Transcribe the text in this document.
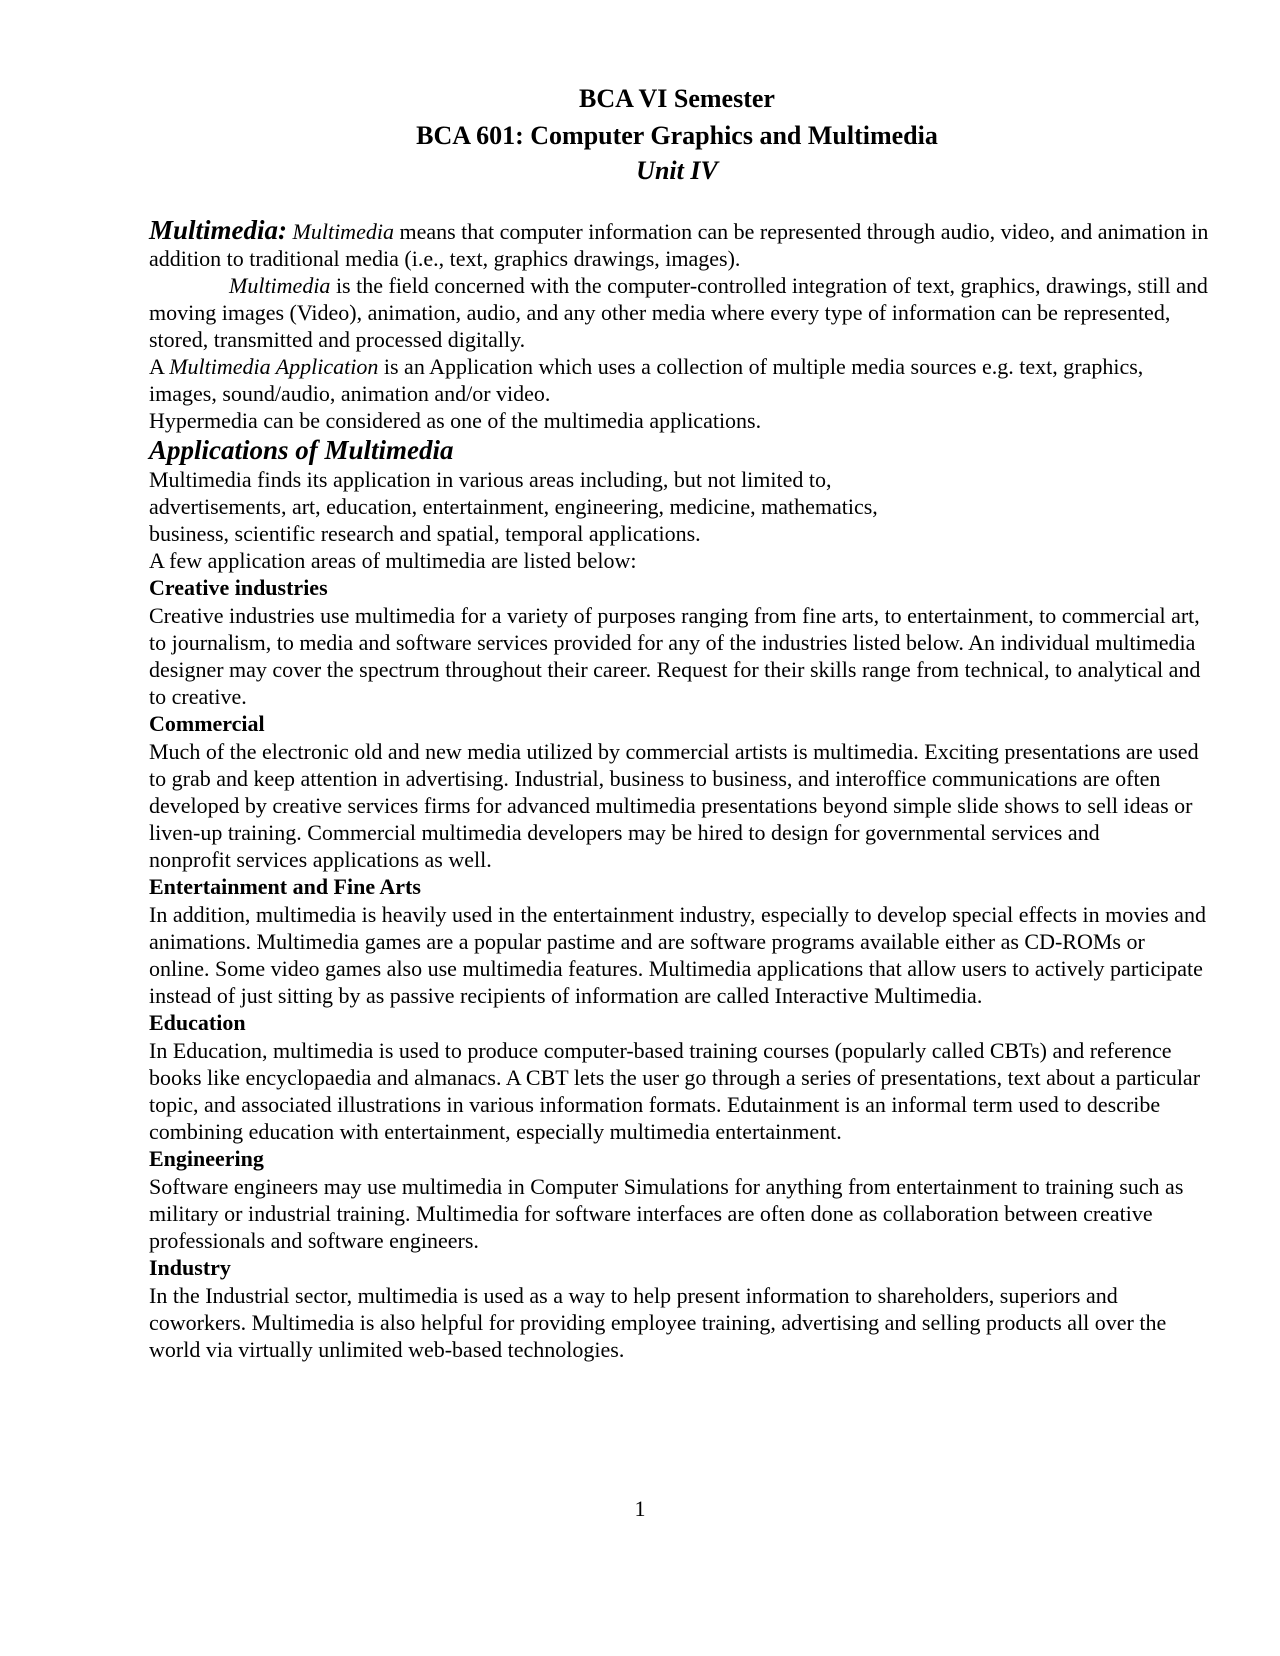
BCA VI Semester
BCA 601: Computer Graphics and Multimedia
Unit IV

Multimedia: Multimedia means that computer information can be represented through audio, video, and animation in addition to traditional media (i.e., text, graphics drawings, images).

Multimedia is the field concerned with the computer-controlled integration of text, graphics, drawings, still and moving images (Video), animation, audio, and any other media where every type of information can be represented, stored, transmitted and processed digitally.

A Multimedia Application is an Application which uses a collection of multiple media sources e.g. text, graphics, images, sound/audio, animation and/or video.

Hypermedia can be considered as one of the multimedia applications.

Applications of Multimedia

Multimedia finds its application in various areas including, but not limited to,

advertisements, art, education, entertainment, engineering, medicine, mathematics,

business, scientific research and spatial, temporal applications.

A few application areas of multimedia are listed below:

Creative industries

Creative industries use multimedia for a variety of purposes ranging from fine arts, to entertainment, to commercial art, to journalism, to media and software services provided for any of the industries listed below. An individual multimedia designer may cover the spectrum throughout their career. Request for their skills range from technical, to analytical and to creative.

Commercial

Much of the electronic old and new media utilized by commercial artists is multimedia. Exciting presentations are used to grab and keep attention in advertising. Industrial, business to business, and interoffice communications are often developed by creative services firms for advanced multimedia presentations beyond simple slide shows to sell ideas or liven-up training. Commercial multimedia developers may be hired to design for governmental services and

nonprofit services applications as well.

Entertainment and Fine Arts

In addition, multimedia is heavily used in the entertainment industry, especially to develop special effects in movies and animations. Multimedia games are a popular pastime and are software programs available either as CD-ROMs or online. Some video games also use multimedia features. Multimedia applications that allow users to actively participate instead of just sitting by as passive recipients of information are called Interactive Multimedia.

Education

In Education, multimedia is used to produce computer-based training courses (popularly called CBTs) and reference books like encyclopaedia and almanacs. A CBT lets the user go through a series of presentations, text about a particular topic, and associated illustrations in various information formats. Edutainment is an informal term used to describe combining education with entertainment, especially multimedia entertainment.

Engineering

Software engineers may use multimedia in Computer Simulations for anything from entertainment to training such as military or industrial training. Multimedia for software interfaces are often done as collaboration between creative professionals and software engineers.

Industry

In the Industrial sector, multimedia is used as a way to help present information to shareholders, superiors and coworkers. Multimedia is also helpful for providing employee training, advertising and selling products all over the world via virtually unlimited web-based technologies.

1
